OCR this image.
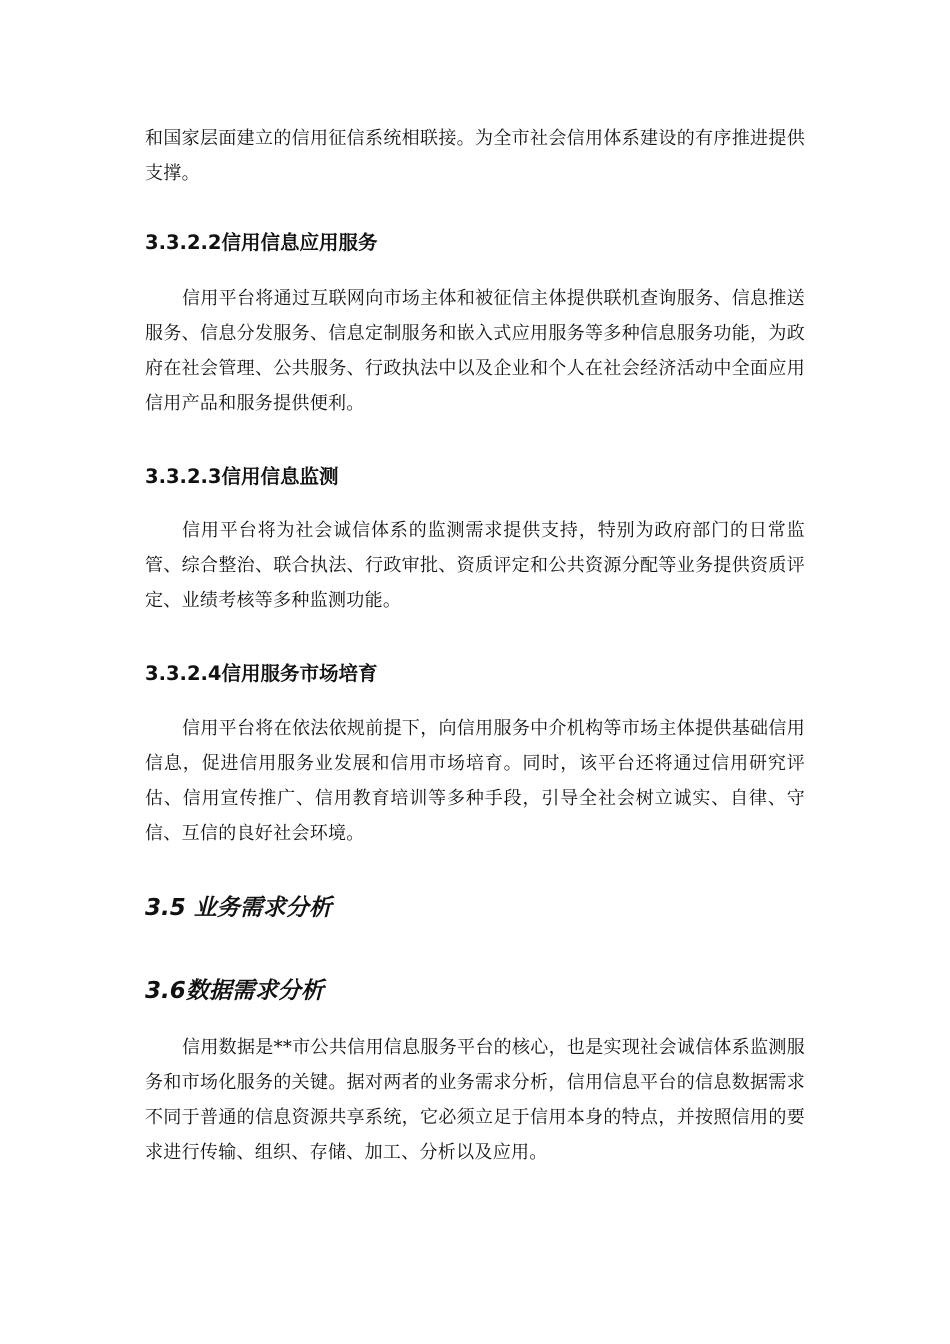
和国家层面建立的信用征信系统相联接。为全市社会信用体系建设的有序推进提供支撑。

3.3.2.2信用信息应用服务

信用平台将通过互联网向市场主体和被征信主体提供联机查询服务、信息推送服务、信息分发服务、信息定制服务和嵌入式应用服务等多种信息服务功能，为政府在社会管理、公共服务、行政执法中以及企业和个人在社会经济活动中全面应用信用产品和服务提供便利。

3.3.2.3信用信息监测

信用平台将为社会诚信体系的监测需求提供支持，特别为政府部门的日常监管、综合整治、联合执法、行政审批、资质评定和公共资源分配等业务提供资质评定、业绩考核等多种监测功能。

3.3.2.4信用服务市场培育

信用平台将在依法依规前提下，向信用服务中介机构等市场主体提供基础信用信息，促进信用服务业发展和信用市场培育。同时，该平台还将通过信用研究评估、信用宣传推广、信用教育培训等多种手段，引导全社会树立诚实、自律、守信、互信的良好社会环境。

3.5 业务需求分析
3.6数据需求分析

信用数据是**市公共信用信息服务平台的核心，也是实现社会诚信体系监测服务和市场化服务的关键。据对两者的业务需求分析，信用信息平台的信息数据需求不同于普通的信息资源共享系统，它必须立足于信用本身的特点，并按照信用的要求进行传输、组织、存储、加工、分析以及应用。
